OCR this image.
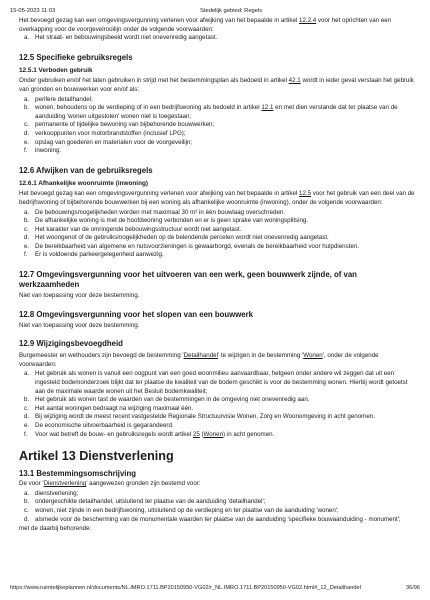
15-05-2023 11:03	Stedelijk gebied: Regels

Het bevoegd gezag kan een omgevingsvergunning verlenen voor afwijking van het bepaalde in artikel 12.2.4 voor het oprichten van een overkapping voor de voorgevelrooilijn onder de volgende voorwaarden:

a. Het straat- en bebouwingsbeeld wordt niet onevenredig aangetast.
12.5 Specifieke gebruiksregels
12.5.1 Verboden gebruik

Onder gebruiken en/of het laten gebruiken in strijd met het bestemmingsplan als bedoeld in artikel 42.1 wordt in ieder geval verstaan het gebruik van gronden en bouwwerken voor en/of als:

a. perifere detailhandel;
b. wonen, behoudens op de verdieping of in een bedrijfswoning als bedoeld in artikel 12.1 en met dien verstande dat ter plaatse van de aanduiding 'wonen uitgesloten' wonen niet is toegestaan;
c. permanente of tijdelijke bewoning van bijbehorende bouwwerken;
d. verkooppunten voor motorbrandstoffen (inclusief LPG);
e. opslag van goederen en materialen voor de voorgevellijn;
f. inwoning.
12.6 Afwijken van de gebruiksregels
12.6.1 Afhankelijke woonruimte (inwoning)

Het bevoegd gezag kan een omgevingsvergunning verlenen voor afwijking van het bepaalde in artikel 12.5 voor het gebruik van een deel van de bedrijfswoning of bijbehorende bouwwerken bij een woning als afhankelijke woonruimte (inwoning), onder de volgende voorwaarden:

a. De bebouwingsmogelijkheden worden met maximaal 30 m² in één bouwlaag overschreden.
b. De afhankelijke woning is met de hoofdwoning verbonden en er is geen sprake van woningsplitsing.
c. Het karakter van de omringende bebouwingsstructuur wordt niet aangetast.
d. Het woongenot of de gebruiksmogelijkheden op de belendende percelen wordt niet onevenredig aangetast.
e. De bereikbaarheid van algemene en nutsvoorzieningen is gewaarborgd, evenals de bereikbaarheid voor hulpdiensten.
f. Er is voldoende parkeergelegenheid aanwezig.
12.7 Omgevingsvergunning voor het uitvoeren van een werk, geen bouwwerk zijnde, of van werkzaamheden

Niet van toepassing voor deze bestemming.

12.8 Omgevingsvergunning voor het slopen van een bouwwerk

Niet van toepassing voor deze bestemming.

12.9 Wijzigingsbevoegdheid

Burgemeester en wethouders zijn bevoegd de bestemming 'Detailhandel' te wijzigen in de bestemming 'Wonen', onder de volgende voorwaarden:

a. Het gebruik als wonen is vanuit een oogpunt van een goed woonmilieu aanvaardbaar, hetgeen onder andere wil zeggen dat uit een ingesteld bodemonderzoek blijkt dat ter plaatse de kwaliteit van de bodem geschikt is voor de bestemming wonen. Hierbij wordt getoetst aan de maximale waarde wonen uit het Besluit bodemkwaliteit;
b. Het gebruik als wonen tast de waarden van de bestemmingen in de omgeving niet onevenredig aan.
c. Het aantal woningen bedraagt na wijziging maximaal één.
d. Bij wijziging wordt de meest recent vastgestelde Regionale Structuurvisie Wonen, Zorg en Woonomgeving in acht genomen.
e. De economische uitvoerbaarheid is gegarandeerd.
f. Voor wat betreft de bouw- en gebruiksregels wordt artikel 25 (Wonen) in acht genomen.
Artikel 13 Dienstverlening
13.1 Bestemmingsomschrijving

De voor 'Dienstverlening' aangewezen gronden zijn bestemd voor:

a. dienstverlening;
b. ondergeschikte detailhandel, uitsluitend ter plaatse van de aanduiding 'detailhandel';
c. wonen, niet zijnde in een bedrijfswoning, uitsluitend op de verdieping en ter plaatse van de aanduiding 'wonen';
d. alsmede voor de bescherming van de monumentale waarden ter plaatse van de aanduiding 'specifieke bouwaanduiding - monument';

met de daarbij behorende:

https://www.ruimtelijkeplannen.nl/documents/NL.IMRO.1711.BP20150950-VG02/r_NL.IMRO.1711.BP20150950-VG02.html#_12_Detailhandel	36/96
